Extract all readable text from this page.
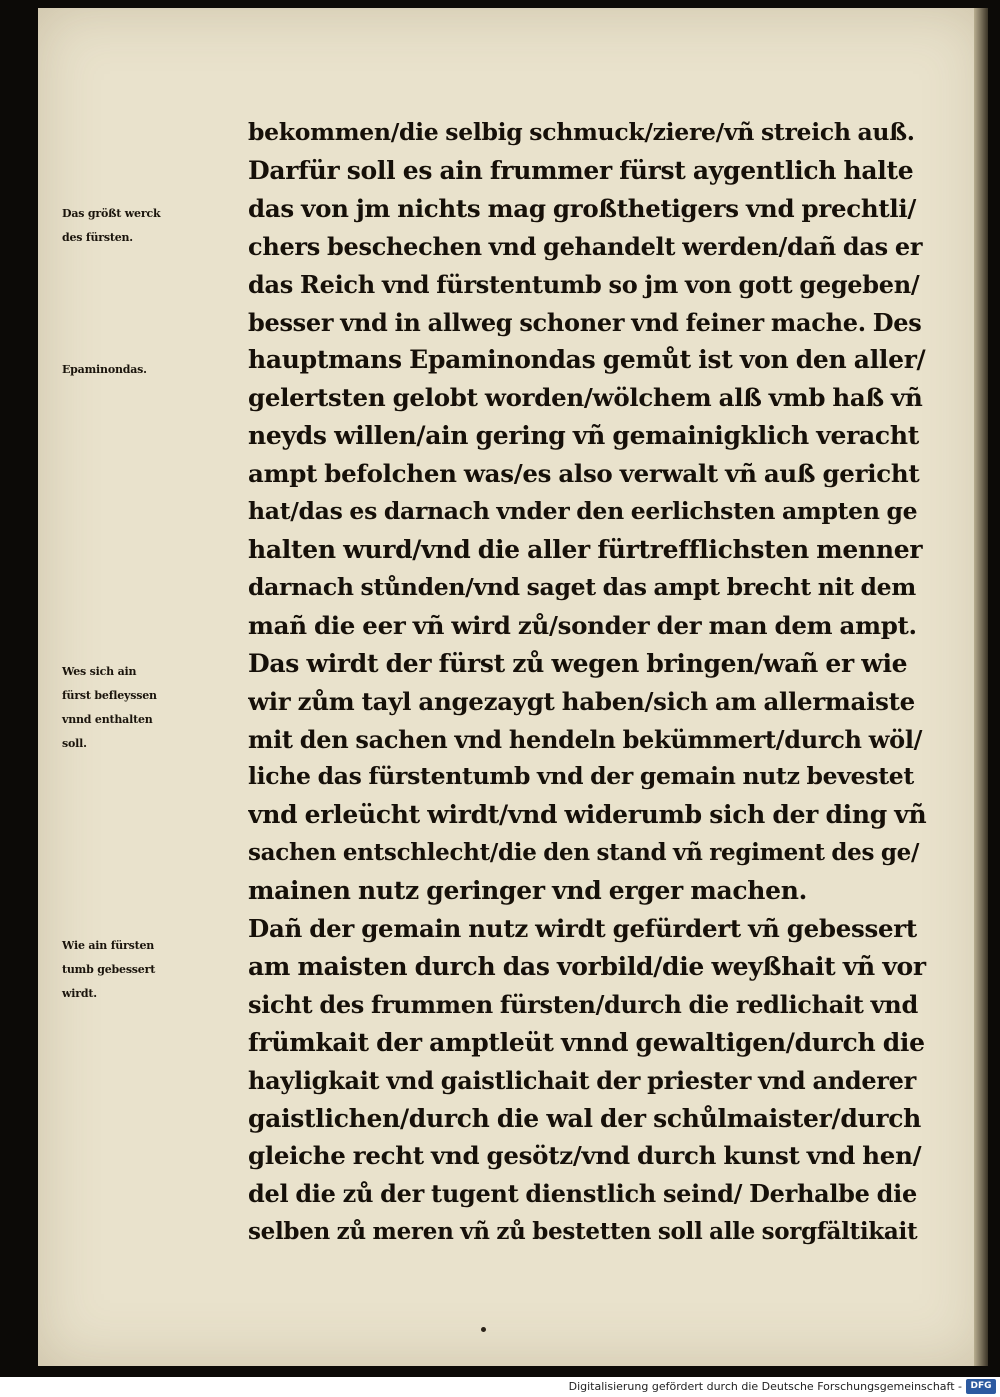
bekommen/die selbig schmuck/ziere/vñ streich auß.
Darfür soll es ain frummer fürst aygentlich halte
das von jm nichts mag großthetigers vnd prechtli/
chers beschechen vnd gehandelt werden/dañ das er
das Reich vnd fürstentumb so jm von gott gegeben/
besser vnd in allweg schoner vnd feiner mache. Des
hauptmans Epaminondas gemůt ist von den aller/
gelertsten gelobt worden/wölchem alß vmb haß vñ
neyds willen/ain gering vñ gemainigklich veracht
ampt befolchen was/es also verwalt vñ auß gericht
hat/das es darnach vnder den eerlichsten ampten ge
halten wurd/vnd die aller fürtrefflichsten menner
darnach stůnden/vnd saget das ampt brecht nit dem
mañ die eer vñ wird zů/sonder der man dem ampt.
Das wirdt der fürst zů wegen bringen/wañ er wie
wir zům tayl angezaygt haben/sich am allermaiste
mit den sachen vnd hendeln bekümmert/durch wöl/
liche das fürstentumb vnd der gemain nutz bevestet
vnd erleücht wirdt/vnd widerumb sich der ding vñ
sachen entschlecht/die den stand vñ regiment des ge/
mainen nutz geringer vnd erger machen.
Dañ der gemain nutz wirdt gefürdert vñ gebessert
am maisten durch das vorbild/die weyßhait vñ vor
sicht des frummen fürsten/durch die redlichait vnd
frümkait der amptleüt vnnd gewaltigen/durch die
hayligkait vnd gaistlichait der priester vnd anderer
gaistlichen/durch die wal der schůlmaister/durch
gleiche recht vnd gesötz/vnd durch kunst vnd hen/
del die zů der tugent dienstlich seind/ Derhalbe die
selben zů meren vñ zů bestetten soll alle sorgfältikait
Das größt werck
des fürsten.
Epaminondas.
Wes sich ain
fürst befleyssen
vnnd enthalten
soll.
Wie ain fürsten
tumb gebessert
wirdt.
Digitalisierung gefördert durch die Deutsche Forschungsgemeinschaft - DFG
